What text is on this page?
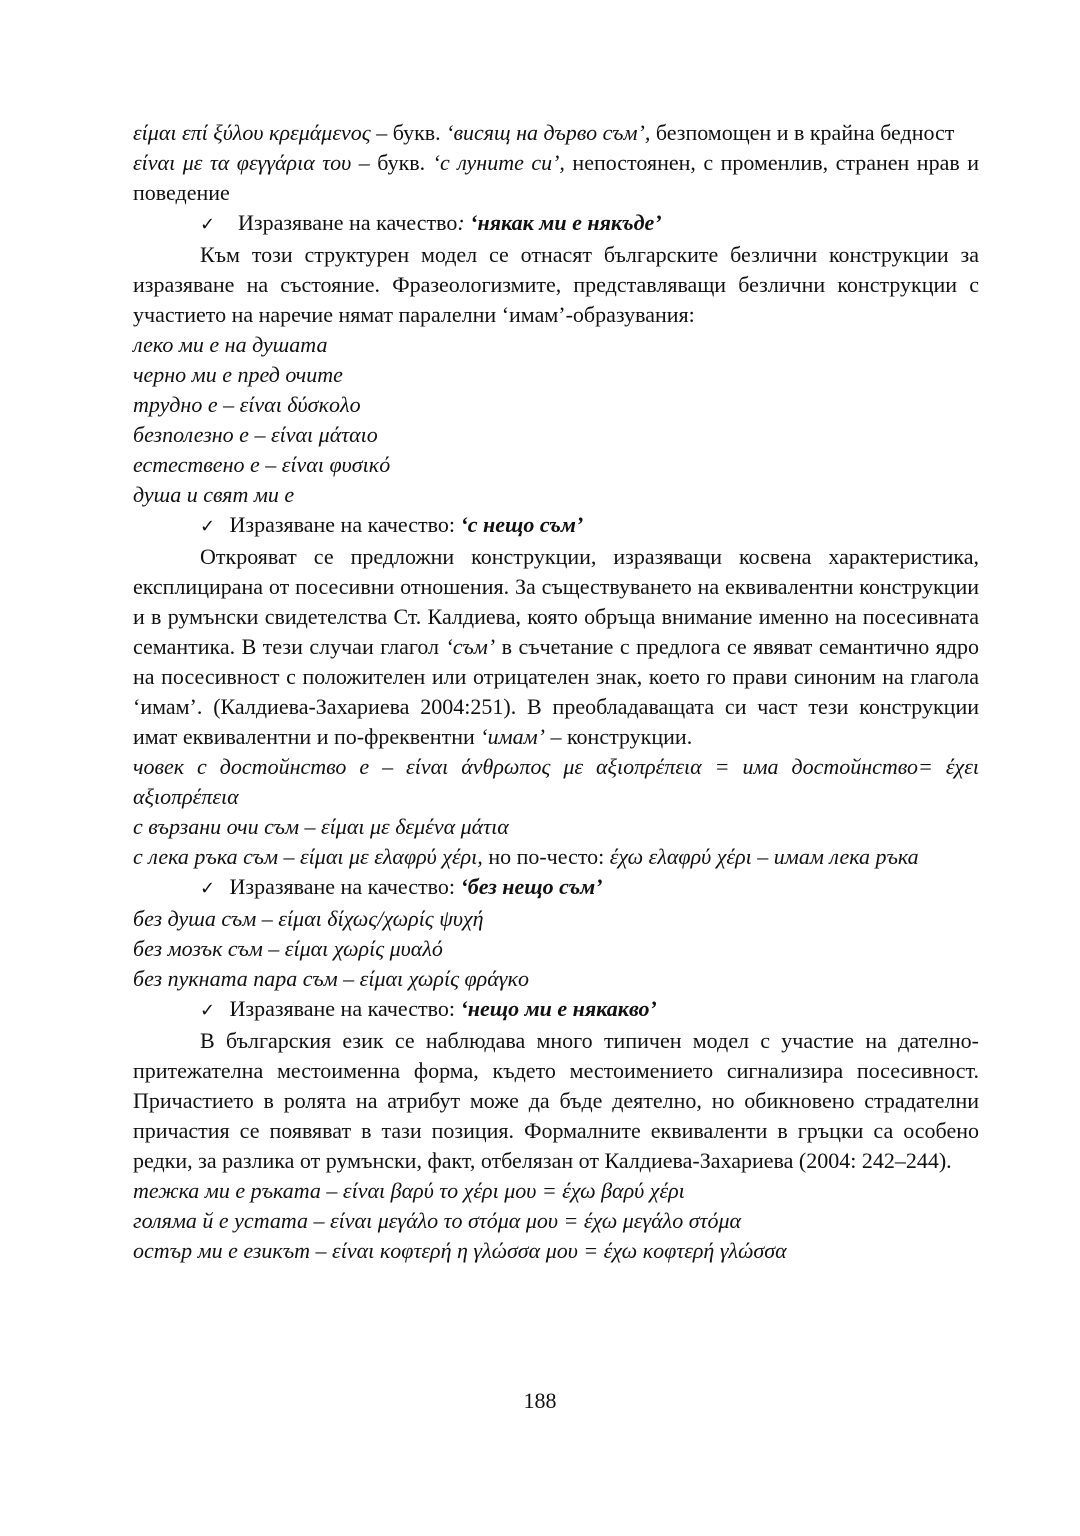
είμαι επί ξύλου κρεμάμενος – букв. ‘висящ на дърво съм’, безпомощен и в крайна бедност

είναι με τα φεγγάρια του – букв. ‘с луните си’, непостоянен, с променлив, странен нрав и поведение

✓ Изразяване на качество: ‘някак ми е някъде’

Към този структурен модел се отнасят българските безлични конструкции за изразяване на състояние. Фразеологизмите, представляващи безлични конструкции с участието на наречие нямат паралелни ‘имам’-образувания:

леко ми е на душата

черно ми е пред очите

трудно е – είναι δύσκολο

безполезно е – είναι μάταιο

естествено е – είναι φυσικό

душа и свят ми е

✓ Изразяване на качество: ‘с нещо съм’

Открояват се предложни конструкции, изразяващи косвена характеристика, експлицирана от посесивни отношения. За съществуването на еквивалентни конструкции и в румънски свидетелства Ст. Калдиева, която обръща внимание именно на посесивната семантика. В тези случаи глагол ‘съм’ в съчетание с предлога се явяват семантично ядро на посесивност с положителен или отрицателен знак, което го прави синоним на глагола ‘имам’. (Калдиева-Захариева 2004:251). В преобладаващата си част тези конструкции имат еквивалентни и по-фреквентни ‘имам’ – конструкции.

човек с достойнство е – είναι άνθρωπος με αξιοπρέπεια = има достойнство= έχει αξιοπρέπεια

с вързани очи съм – είμαι με δεμένα μάτια

с лека ръка съм – είμαι με ελαφρύ χέρι, но по-често: έχω ελαφρύ χέρι – имам лека ръка

✓ Изразяване на качество: ‘без нещо съм’

без душа съм – είμαι δίχως/χωρίς ψυχή

без мозък съм – είμαι χωρίς μυαλό

без пукната пара съм – είμαι χωρίς φράγκο

✓ Изразяване на качество: ‘нещо ми е някакво’

В българския език се наблюдава много типичен модел с участие на дателно-притежателна местоименна форма, където местоимението сигнализира посесивност. Причастието в ролята на атрибут може да бъде деятелно, но обикновено страдателни причастия се появяват в тази позиция. Формалните еквиваленти в гръцки са особено редки, за разлика от румънски, факт, отбелязан от Калдиева-Захариева (2004: 242–244).

тежка ми е ръката – είναι βαρύ το χέρι μου = έχω βαρύ χέρι

голяма й е устата – είναι μεγάλο το στόμα μου = έχω μεγάλο στόμα

остър ми е езикът – είναι κοφτερή η γλώσσα μου = έχω κοφτερή γλώσσα

188
